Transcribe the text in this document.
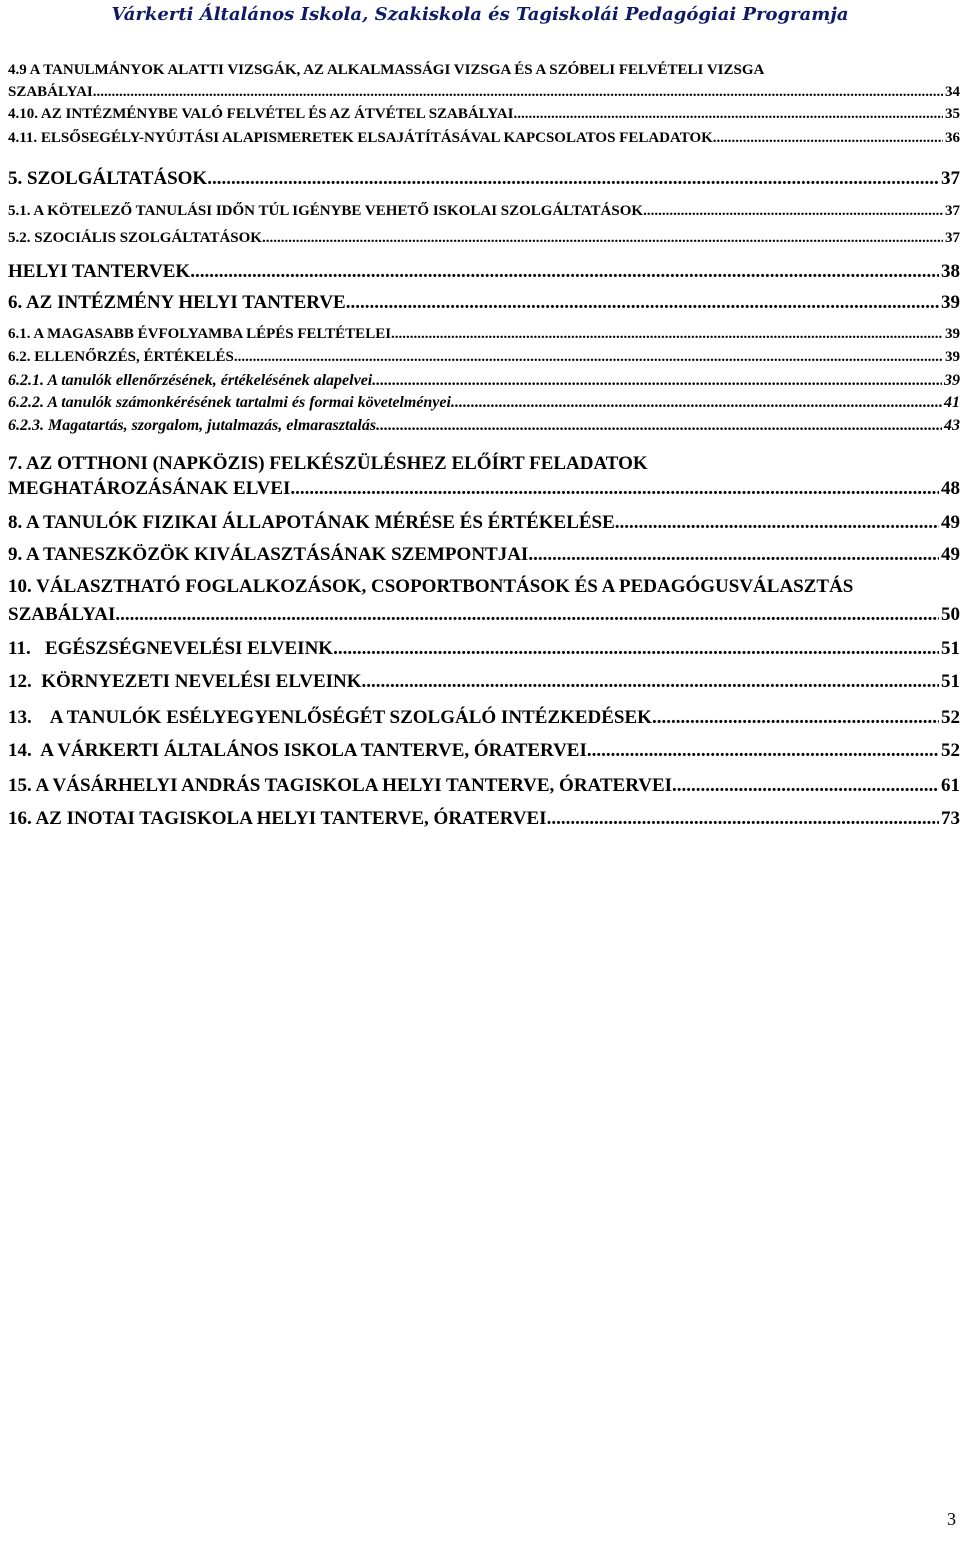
Várkerti Általános Iskola, Szakiskola és Tagiskolái Pedagógiai Programja
4.9 A TANULMÁNYOK ALATTI VIZSGÁK, AZ ALKALMASSÁGI VIZSGA ÉS A SZÓBELI FELVÉTELI VIZSGA
SZABÁLYAI .....	34
4.10. AZ INTÉZMÉNYBE VALÓ FELVÉTEL ÉS AZ ÁTVÉTEL SZABÁLYAI .....	35
4.11. ELSŐSEGÉLY-NYÚJTÁSI ALAPISMERETEK ELSAJÁTÍTÁSÁVAL KAPCSOLATOS FELADATOK .....	36
5. SZOLGÁLTATÁSOK .....	37
5.1. A KÖTELEZŐ TANULÁSI IDŐN TÚL IGÉNYBE VEHETŐ ISKOLAI SZOLGÁLTATÁSOK .....	37
5.2. SZOCIÁLIS SZOLGÁLTATÁSOK .....	37
HELYI TANTERVEK .....	38
6. AZ INTÉZMÉNY HELYI TANTERVE .....	39
6.1. A MAGASABB ÉVFOLYAMBA LÉPÉS FELTÉTELEI .....	39
6.2. ELLENŐRZÉS, ÉRTÉKELÉS .....	39
6.2.1. A tanulók ellenőrzésének, értékelésének alapelvei .....	39
6.2.2. A tanulók számonkérésének tartalmi és formai követelményei .....	41
6.2.3. Magatartás, szorgalom, jutalmazás, elmarasztalás .....	43
7. AZ OTTHONI (NAPKÖZIS) FELKÉSZÜLÉSHEZ ELŐÍRT FELADATOK
MEGHATÁROZÁSÁNAK ELVEI .....	48
8. A TANULÓK FIZIKAI ÁLLAPOTÁNAK MÉRÉSE ÉS ÉRTÉKELÉSE .....	49
9. A TANESZKÖZÖK KIVÁLASZTÁSÁNAK SZEMPONTJAI .....	49
10. VÁLASZTHATÓ FOGLALKOZÁSOK, CSOPORTBONTÁSOK ÉS A PEDAGÓGUSVÁLASZTÁS
SZABÁLYAI .....	50
11.   EGÉSZSÉGNEVELÉSI ELVEINK .....	51
12.  KÖRNYEZETI NEVELÉSI ELVEINK .....	51
13.    A TANULÓK ESÉLYEGYENLŐSÉGÉT SZOLGÁLÓ INTÉZKEDÉSEK .....	52
14.  A VÁRKERTI ÁLTALÁNOS ISKOLA TANTERVE, ÓRATERVEI .....	52
15. A VÁSÁRHELYI ANDRÁS TAGISKOLA HELYI TANTERVE, ÓRATERVEI .....	61
16. AZ INOTAI TAGISKOLA HELYI TANTERVE, ÓRATERVEI .....	73
3
